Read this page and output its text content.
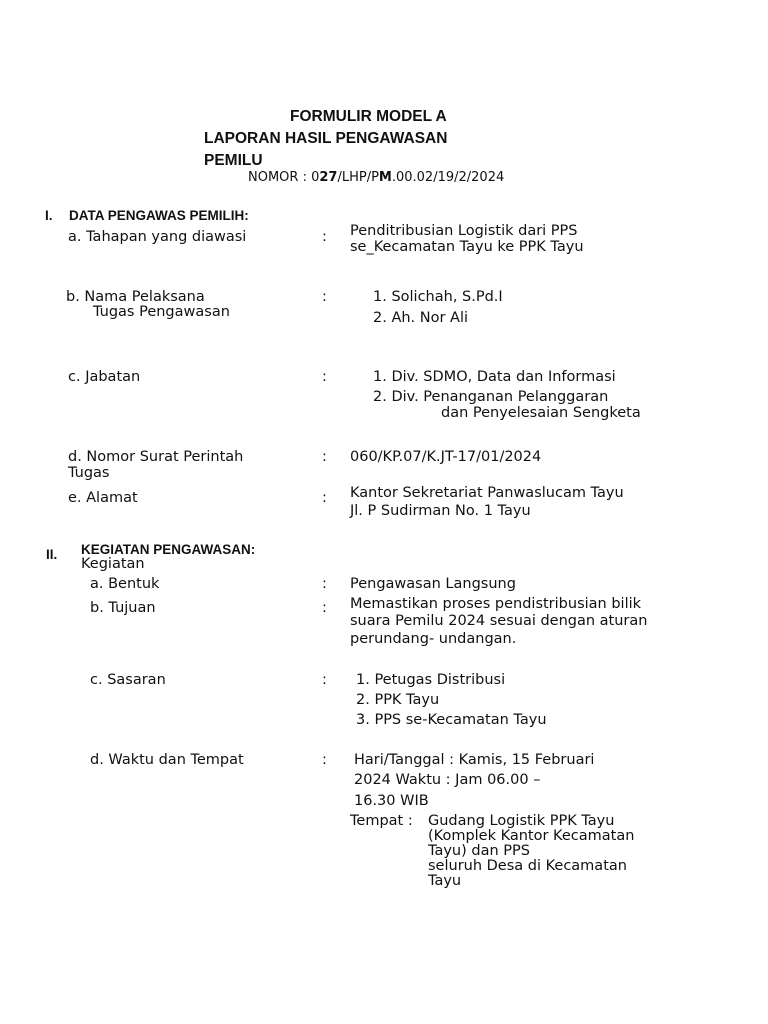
FORMULIR MODEL A
LAPORAN HASIL PENGAWASAN
PEMILU
NOMOR : 027/LHP/PM.00.02/19/2/2024
I. DATA PENGAWAS PEMILIH:
a. Tahapan yang diawasi	: Penditribusian Logistik dari PPS
se_Kecamatan Tayu ke PPK Tayu
b. Nama Pelaksana
Tugas Pengawasan
:	1. Solichah, S.Pd.I
2. Ah. Nor Ali
c. Jabatan	:	1. Div. SDMO, Data dan Informasi
2. Div. Penanganan Pelanggaran
dan Penyelesaian Sengketa
d. Nomor Surat Perintah
Tugas
: 060/KP.07/K.JT-17/01/2024
e. Alamat	: Kantor Sekretariat Panwaslucam Tayu
Jl. P Sudirman No. 1 Tayu
II. KEGIATAN PENGAWASAN:
Kegiatan
a. Bentuk	: Pengawasan Langsung
b. Tujuan	: Memastikan proses pendistribusian bilik
suara Pemilu 2024 sesuai dengan aturan
perundang- undangan.
c. Sasaran	: 1. Petugas Distribusi
2. PPK Tayu
3. PPS se-Kecamatan Tayu
d. Waktu dan Tempat	: Hari/Tanggal : Kamis, 15 Februari
2024 Waktu : Jam 06.00 –
16.30 WIB
Tempat : Gudang Logistik PPK Tayu
(Komplek Kantor Kecamatan
Tayu) dan PPS
seluruh Desa di Kecamatan
Tayu
